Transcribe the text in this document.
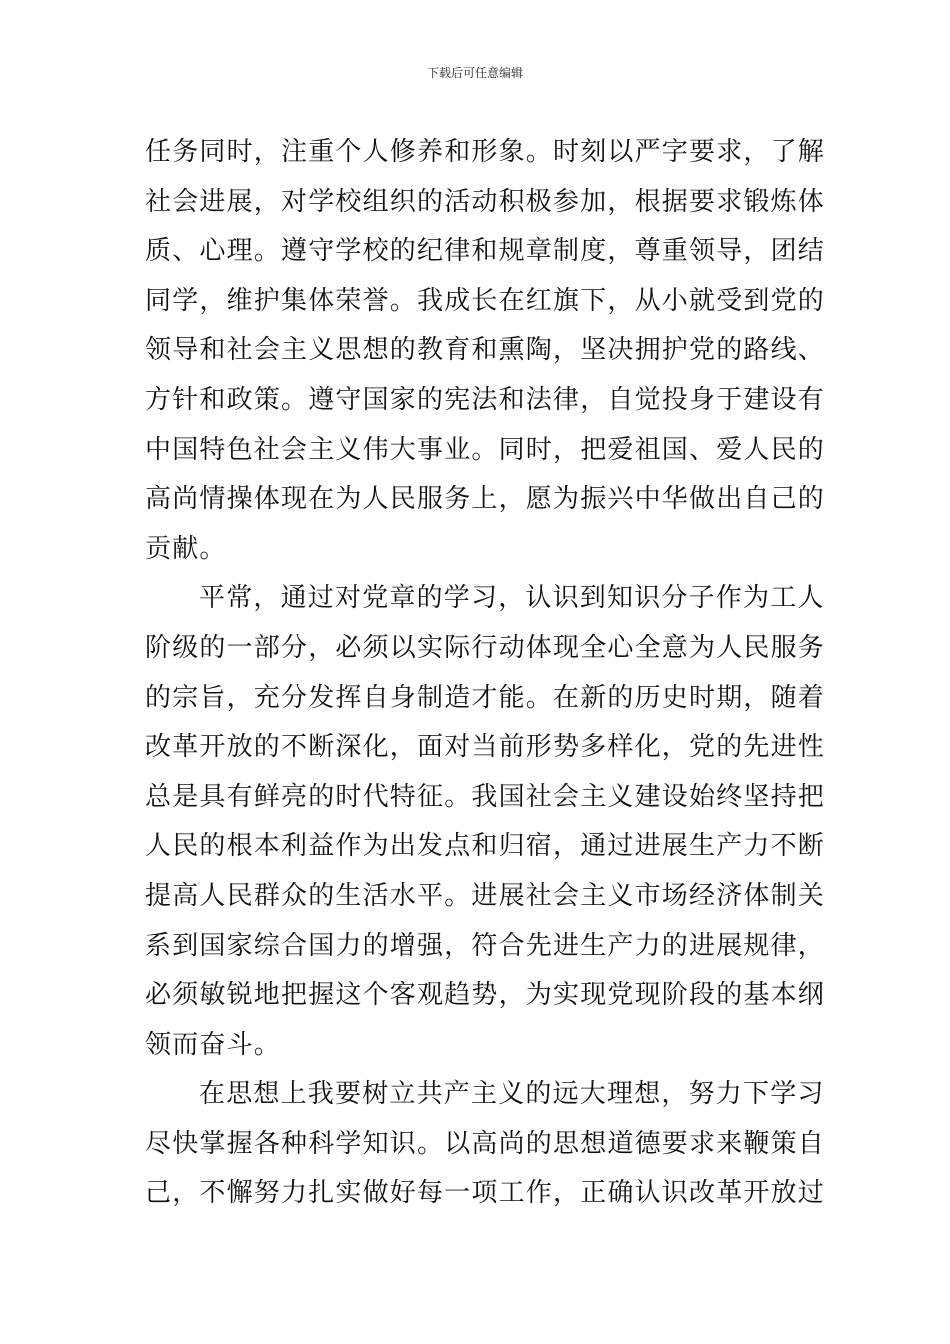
下载后可任意编辑
任务同时，注重个人修养和形象。时刻以严字要求，了解
社会进展，对学校组织的活动积极参加，根据要求锻炼体
质、心理。遵守学校的纪律和规章制度，尊重领导，团结
同学，维护集体荣誉。我成长在红旗下，从小就受到党的
领导和社会主义思想的教育和熏陶，坚决拥护党的路线、
方针和政策。遵守国家的宪法和法律，自觉投身于建设有
中国特色社会主义伟大事业。同时，把爱祖国、爱人民的
高尚情操体现在为人民服务上，愿为振兴中华做出自己的
贡献。
平常，通过对党章的学习，认识到知识分子作为工人
阶级的一部分，必须以实际行动体现全心全意为人民服务
的宗旨，充分发挥自身制造才能。在新的历史时期，随着
改革开放的不断深化，面对当前形势多样化，党的先进性
总是具有鲜亮的时代特征。我国社会主义建设始终坚持把
人民的根本利益作为出发点和归宿，通过进展生产力不断
提高人民群众的生活水平。进展社会主义市场经济体制关
系到国家综合国力的增强，符合先进生产力的进展规律，
必须敏锐地把握这个客观趋势，为实现党现阶段的基本纲
领而奋斗。
在思想上我要树立共产主义的远大理想，努力下学习
尽快掌握各种科学知识。以高尚的思想道德要求来鞭策自
己，不懈努力扎实做好每一项工作，正确认识改革开放过
